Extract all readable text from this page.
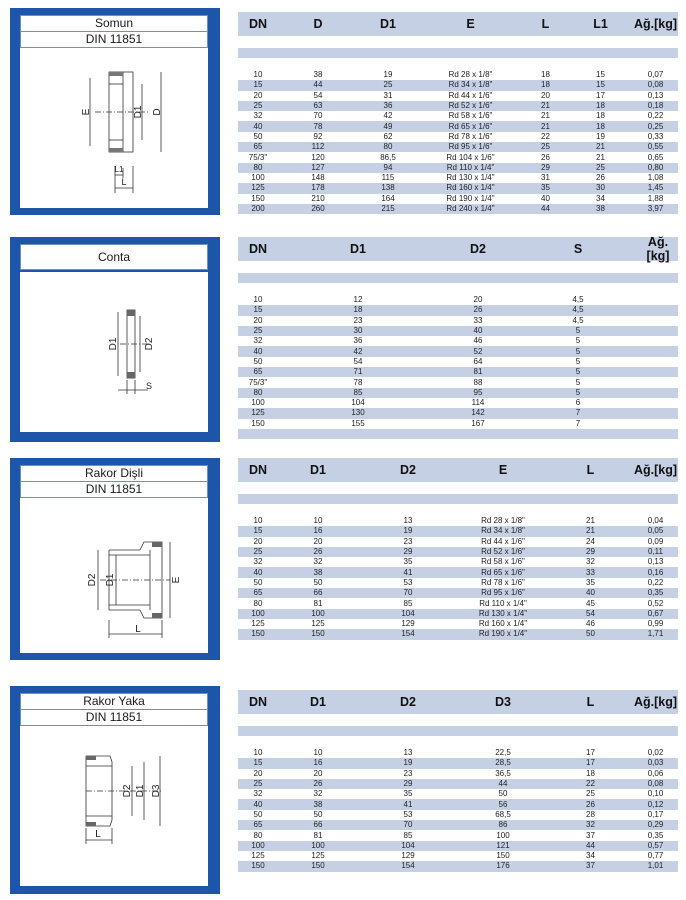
Somun
DIN 11851
E	D1 D
L1
L
DN	D	D1	E	L	L1	Ağ.[kg]
10	38	19	Rd 28 x 1/8"	18	15	0,07
15	44	25	Rd 34 x 1/8"	18	15	0,08
20	54	31	Rd 44 x 1/6"	20	17	0,13
25	63	36	Rd 52 x 1/6"	21	18	0,18
32	70	42	Rd 58 x 1/6"	21	18	0,22
40	78	49	Rd 65 x 1/6"	21	18	0,25
50	92	62	Rd 78 x 1/6"	22	19	0,33
65	112	80	Rd 95 x 1/6"	25	21	0,55
75/3"	120	86,5	Rd 104 x 1/6"	26	21	0,65
80	127	94	Rd 110 x 1/4"	29	25	0,80
100	148	115	Rd 130 x 1/4"	31	26	1,08
125	178	138	Rd 160 x 1/4"	35	30	1,45
150	210	164	Rd 190 x 1/4"	40	34	1,88
200	260	215	Rd 240 x 1/4"	44	38	3,97
Conta
D1	D2
S
DN	D1	D2	S	Ağ.[kg]
10	12	20	4,5
15	18	26	4,5
20	23	33	4,5
25	30	40	5
32	36	46	5
40	42	52	5
50	54	64	5
65	71	81	5
75/3"	78	88	5
80	85	95	5
100	104	114	6
125	130	142	7
150	155	167	7
Rakor Dişli
DIN 11851
D2 D1	E
L
DN	D1	D2	E	L	Ağ.[kg]
10	10	13	Rd 28 x 1/8"	21	0,04
15	16	19	Rd 34 x 1/8"	21	0,05
20	20	23	Rd 44 x 1/6"	24	0,09
25	26	29	Rd 52 x 1/6"	29	0,11
32	32	35	Rd 58 x 1/6"	32	0,13
40	38	41	Rd 65 x 1/6"	33	0,16
50	50	53	Rd 78 x 1/6"	35	0,22
65	66	70	Rd 95 x 1/6"	40	0,35
80	81	85	Rd 110 x 1/4"	45	0,52
100	100	104	Rd 130 x 1/4"	54	0,67
125	125	129	Rd 160 x 1/4"	46	0,99
150	150	154	Rd 190 x 1/4"	50	1,71
Rakor Yaka
DIN 11851
D2 D1 D3
L
DN	D1	D2	D3	L	Ağ.[kg]
10	10	13	22,5	17	0,02
15	16	19	28,5	17	0,03
20	20	23	36,5	18	0,06
25	26	29	44	22	0,08
32	32	35	50	25	0,10
40	38	41	56	26	0,12
50	50	53	68,5	28	0,17
65	66	70	86	32	0,29
80	81	85	100	37	0,35
100	100	104	121	44	0,57
125	125	129	150	34	0,77
150	150	154	176	37	1,01
